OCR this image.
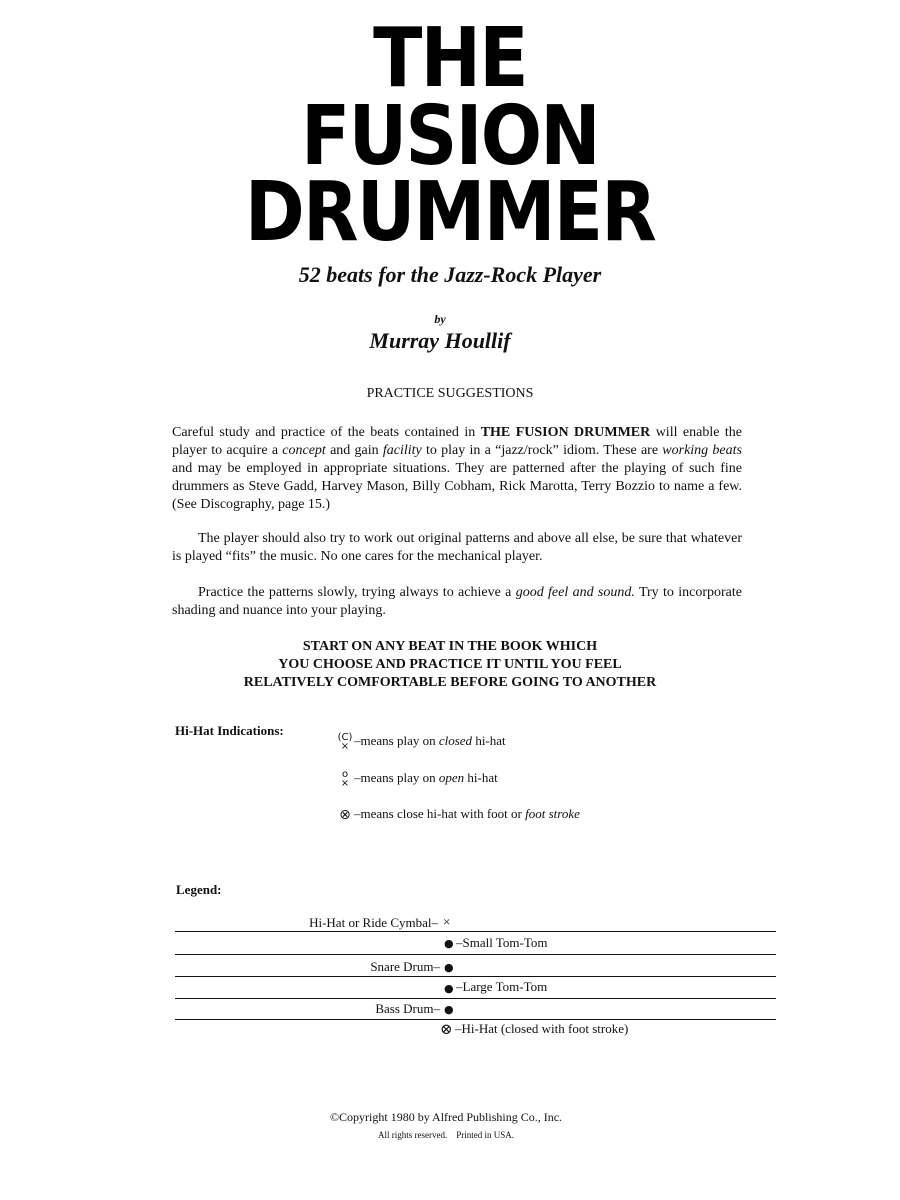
THE
FUSION
DRUMMER
52 beats for the Jazz-Rock Player
by
Murray Houllif
PRACTICE SUGGESTIONS
Careful study and practice of the beats contained in THE FUSION DRUMMER will enable the player to acquire a concept and gain facility to play in a “jazz/rock” idiom. These are working beats and may be employed in appropriate situations. They are patterned after the playing of such fine drummers as Steve Gadd, Harvey Mason, Billy Cobham, Rick Marotta, Terry Bozzio to name a few. (See Discography, page 15.)
The player should also try to work out original patterns and above all else, be sure that whatever is played “fits” the music. No one cares for the mechanical player.
Practice the patterns slowly, trying always to achieve a good feel and sound. Try to incorporate shading and nuance into your playing.
START ON ANY BEAT IN THE BOOK WHICH
YOU CHOOSE AND PRACTICE IT UNTIL YOU FEEL
RELATIVELY COMFORTABLE BEFORE GOING TO ANOTHER
Hi-Hat Indications:	(C)
× –means play on closed hi-hat
o
× –means play on open hi-hat
⊗ –means close hi-hat with foot or foot stroke
Legend:
Hi-Hat or Ride Cymbal– ×
● –Small Tom-Tom
Snare Drum– ●
● –Large Tom-Tom
Bass Drum– ●
⊗ –Hi-Hat (closed with foot stroke)
©Copyright 1980 by Alfred Publishing Co., Inc.
All rights reserved. Printed in USA.
